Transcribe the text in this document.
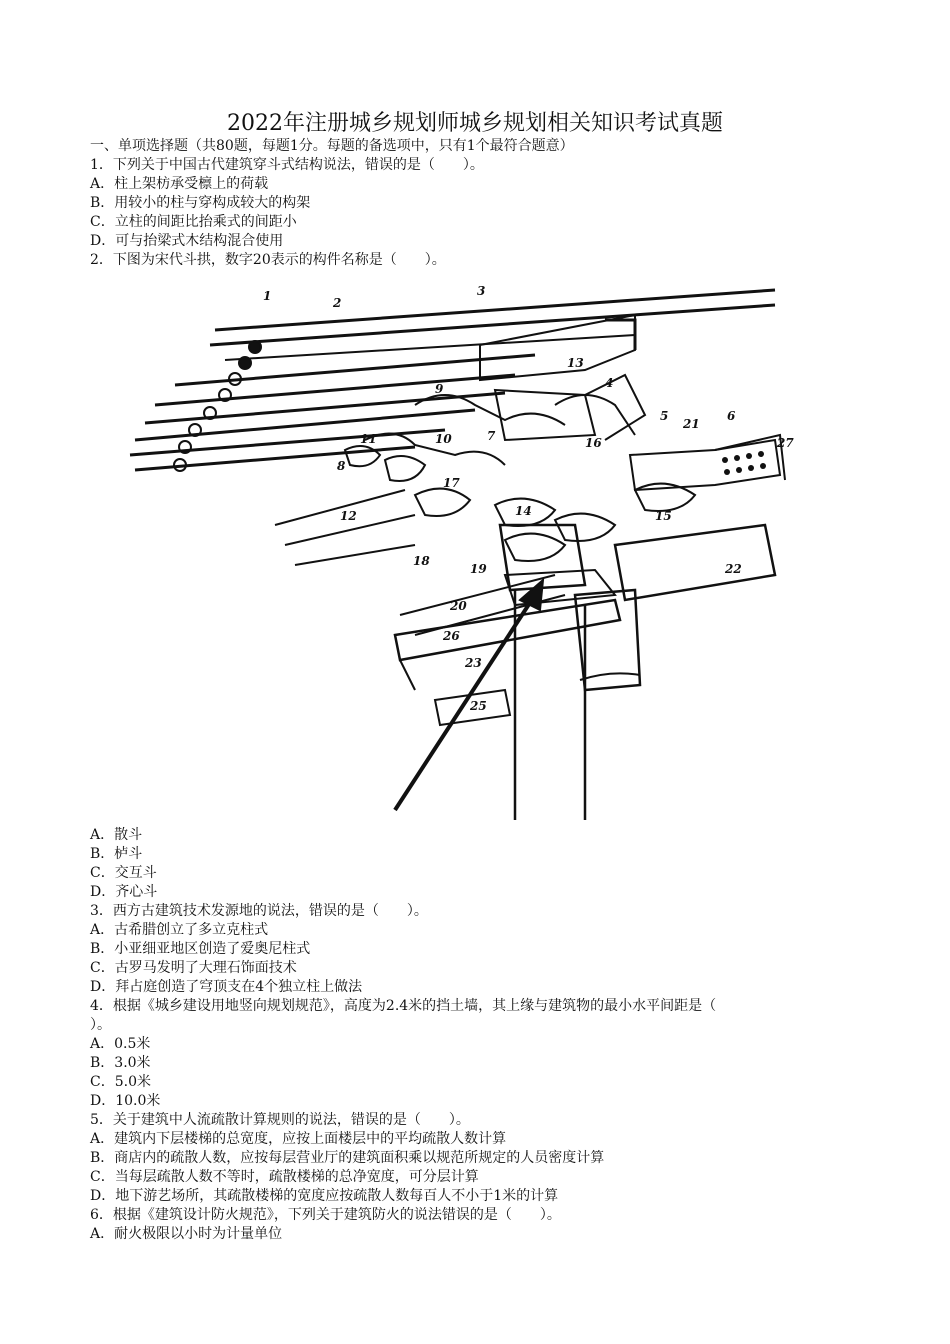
2022年注册城乡规划师城乡规划相关知识考试真题
一、单项选择题（共80题，每题1分。每题的备选项中，只有1个最符合题意）
1．下列关于中国古代建筑穿斗式结构说法，错误的是（　　）。
A．柱上架枋承受檩上的荷载
B．用较小的柱与穿构成较大的构架
C．立柱的间距比抬乘式的间距小
D．可与抬梁式木结构混合使用
2．下图为宋代斗拱，数字20表示的构件名称是（　　）。
1	2
3
4
5	6
7
8
9
10
11
12
13
14	15
16
17
18
19
20
21
22
23
25
26
27
A．散斗
B．栌斗
C．交互斗
D．齐心斗
3．西方古建筑技术发源地的说法，错误的是（　　）。
A．古希腊创立了多立克柱式
B．小亚细亚地区创造了爱奥尼柱式
C．古罗马发明了大理石饰面技术
D．拜占庭创造了穹顶支在4个独立柱上做法
4．根据《城乡建设用地竖向规划规范》，高度为2.4米的挡土墙，其上缘与建筑物的最小水平间距是（
）。
A．0.5米
B．3.0米
C．5.0米
D．10.0米
5．关于建筑中人流疏散计算规则的说法，错误的是（　　）。
A．建筑内下层楼梯的总宽度，应按上面楼层中的平均疏散人数计算
B．商店内的疏散人数，应按每层营业厅的建筑面积乘以规范所规定的人员密度计算
C．当每层疏散人数不等时，疏散楼梯的总净宽度，可分层计算
D．地下游艺场所，其疏散楼梯的宽度应按疏散人数每百人不小于1米的计算
6．根据《建筑设计防火规范》，下列关于建筑防火的说法错误的是（　　）。
A．耐火极限以小时为计量单位
